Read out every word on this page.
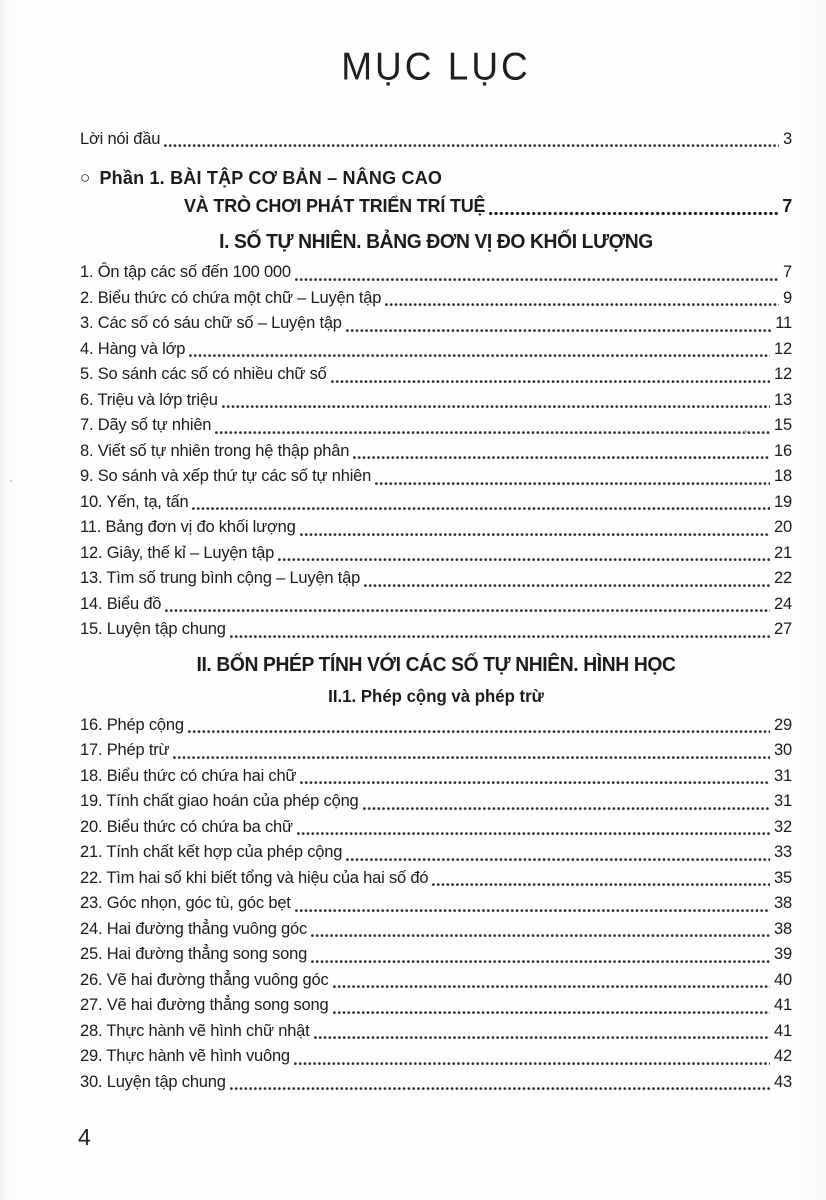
MỤC LỤC
Lời nói đầu	3
○ Phần 1. BÀI TẬP CƠ BẢN – NÂNG CAO
VÀ TRÒ CHƠI PHÁT TRIỂN TRÍ TUỆ	7
I. SỐ TỰ NHIÊN. BẢNG ĐƠN VỊ ĐO KHỐI LƯỢNG
1. Ôn tập các số đến 100 000	7
2. Biểu thức có chứa một chữ – Luyện tập	9
3. Các số có sáu chữ số – Luyện tập	11
4. Hàng và lớp	12
5. So sánh các số có nhiều chữ số	12
6. Triệu và lớp triệu	13
7. Dãy số tự nhiên	15
8. Viết số tự nhiên trong hệ thập phân	16
9. So sánh và xếp thứ tự các số tự nhiên	18
10. Yến, tạ, tấn	19
11. Bảng đơn vị đo khối lượng	20
12. Giây, thế kỉ – Luyện tập	21
13. Tìm số trung bình cộng – Luyện tập	22
14. Biểu đồ	24
15. Luyện tập chung	27
II. BỐN PHÉP TÍNH VỚI CÁC SỐ TỰ NHIÊN. HÌNH HỌC
II.1. Phép cộng và phép trừ
16. Phép cộng	29
17. Phép trừ	30
18. Biểu thức có chứa hai chữ	31
19. Tính chất giao hoán của phép cộng	31
20. Biểu thức có chứa ba chữ	32
21. Tính chất kết hợp của phép cộng	33
22. Tìm hai số khi biết tổng và hiệu của hai số đó	35
23. Góc nhọn, góc tù, góc bẹt	38
24. Hai đường thẳng vuông góc	38
25. Hai đường thẳng song song	39
26. Vẽ hai đường thẳng vuông góc	40
27. Vẽ hai đường thẳng song song	41
28. Thực hành vẽ hình chữ nhật	41
29. Thực hành vẽ hình vuông	42
30. Luyện tập chung	43
4
